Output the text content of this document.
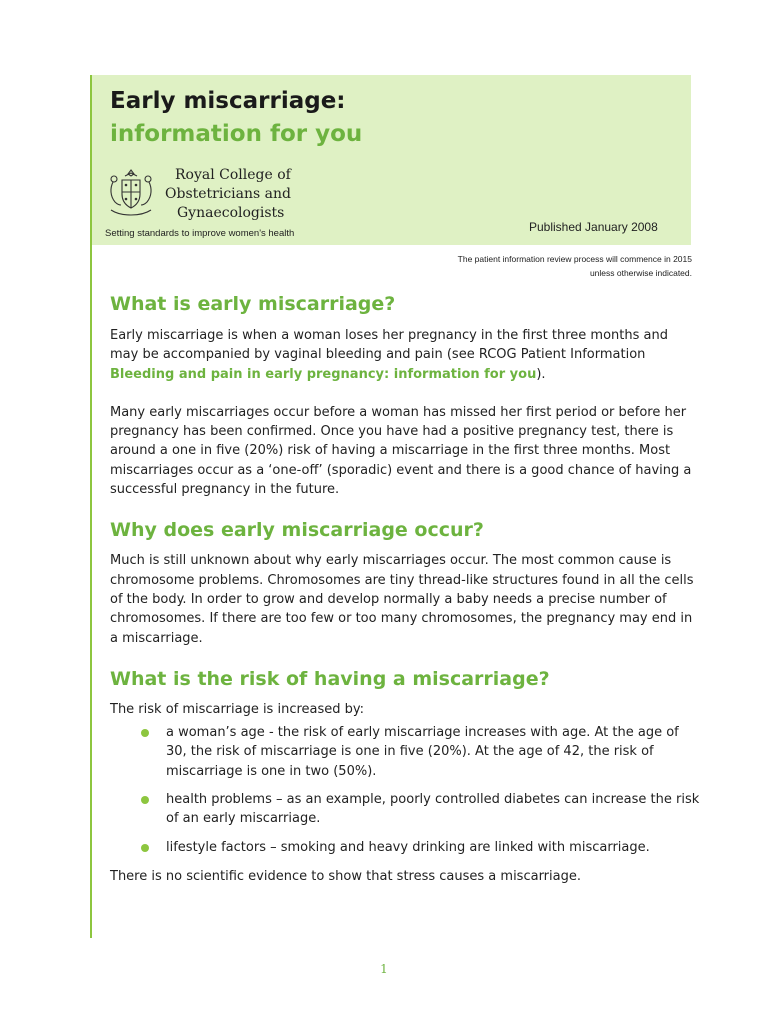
Early miscarriage:
information for you
Royal College of
Obstetricians and
Gynaecologists
Setting standards to improve women's health	Published January 2008
The patient information review process will commence in 2015
unless otherwise indicated.
What is early miscarriage?

Early miscarriage is when a woman loses her pregnancy in the first three months and may be accompanied by vaginal bleeding and pain (see RCOG Patient Information Bleeding and pain in early pregnancy: information for you).

Many early miscarriages occur before a woman has missed her first period or before her pregnancy has been confirmed. Once you have had a positive pregnancy test, there is around a one in five (20%) risk of having a miscarriage in the first three months. Most miscarriages occur as a ‘one-off’ (sporadic) event and there is a good chance of having a successful pregnancy in the future.

Why does early miscarriage occur?

Much is still unknown about why early miscarriages occur. The most common cause is chromosome problems. Chromosomes are tiny thread-like structures found in all the cells of the body. In order to grow and develop normally a baby needs a precise number of chromosomes. If there are too few or too many chromosomes, the pregnancy may end in a miscarriage.

What is the risk of having a miscarriage?

The risk of miscarriage is increased by:

a woman’s age - the risk of early miscarriage increases with age. At the age of 30, the risk of miscarriage is one in five (20%). At the age of 42, the risk of miscarriage is one in two (50%).
health problems – as an example, poorly controlled diabetes can increase the risk of an early miscarriage.
lifestyle factors – smoking and heavy drinking are linked with miscarriage.

There is no scientific evidence to show that stress causes a miscarriage.

1
